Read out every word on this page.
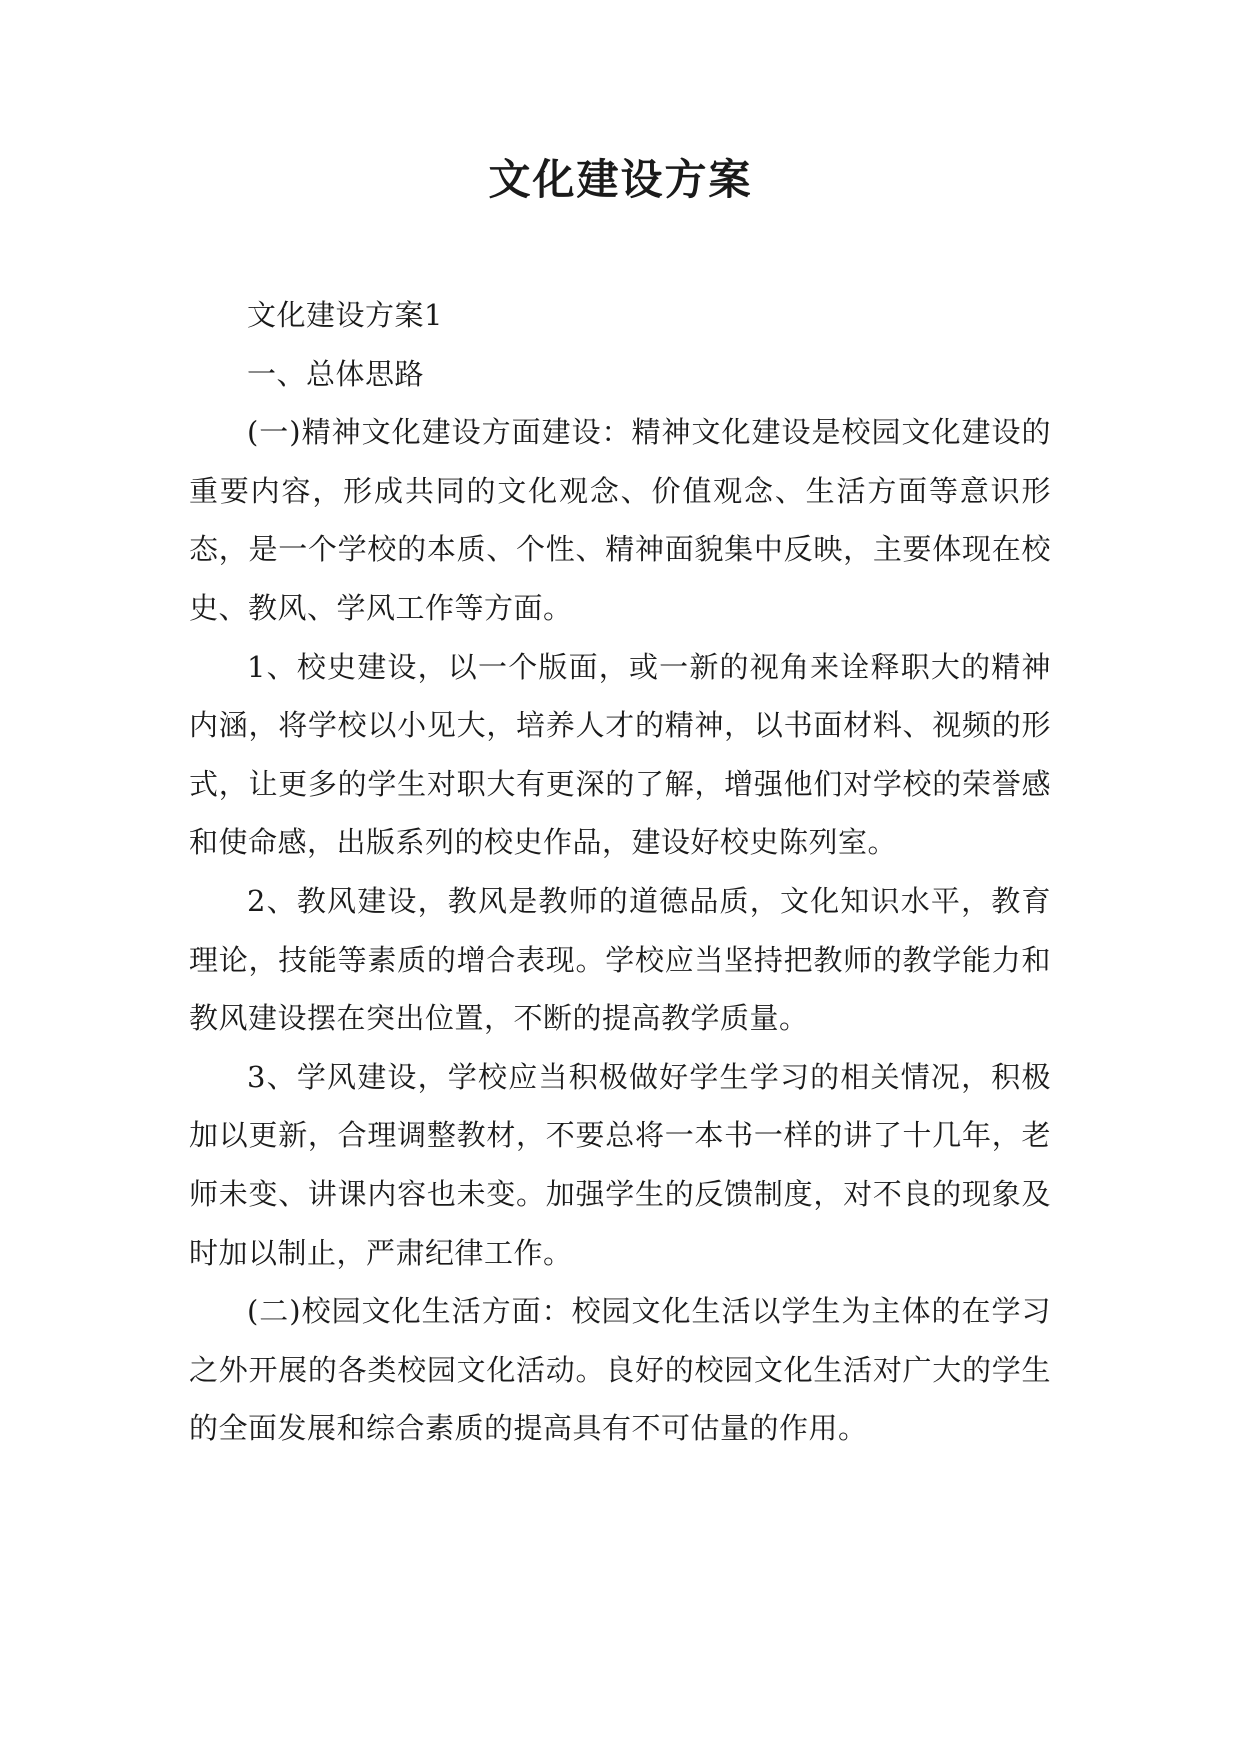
文化建设方案

文化建设方案1

一、总体思路

(一)精神文化建设方面建设：精神文化建设是校园文化建设的重要内容，形成共同的文化观念、价值观念、生活方面等意识形态，是一个学校的本质、个性、精神面貌集中反映，主要体现在校史、教风、学风工作等方面。

1、校史建设，以一个版面，或一新的视角来诠释职大的精神内涵，将学校以小见大，培养人才的精神，以书面材料、视频的形式，让更多的学生对职大有更深的了解，增强他们对学校的荣誉感和使命感，出版系列的校史作品，建设好校史陈列室。

2、教风建设，教风是教师的道德品质，文化知识水平，教育理论，技能等素质的增合表现。学校应当坚持把教师的教学能力和教风建设摆在突出位置，不断的提高教学质量。

3、学风建设，学校应当积极做好学生学习的相关情况，积极加以更新，合理调整教材，不要总将一本书一样的讲了十几年，老师未变、讲课内容也未变。加强学生的反馈制度，对不良的现象及时加以制止，严肃纪律工作。

(二)校园文化生活方面：校园文化生活以学生为主体的在学习之外开展的各类校园文化活动。良好的校园文化生活对广大的学生的全面发展和综合素质的提高具有不可估量的作用。
